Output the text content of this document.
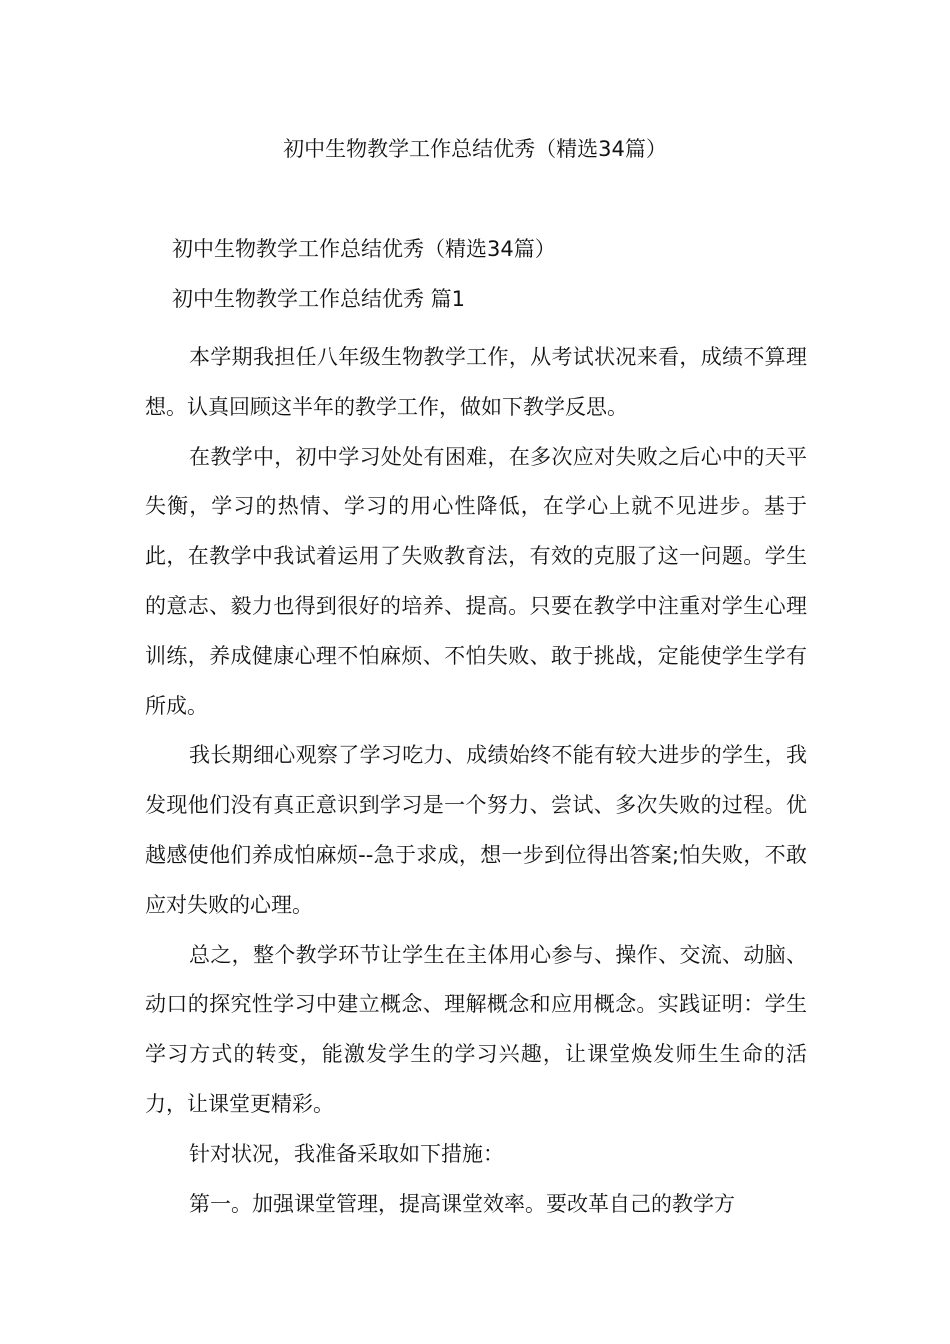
初中生物教学工作总结优秀（精选34篇）
初中生物教学工作总结优秀（精选34篇）
初中生物教学工作总结优秀 篇1

本学期我担任八年级生物教学工作，从考试状况来看，成绩不算理想。认真回顾这半年的教学工作，做如下教学反思。

在教学中，初中学习处处有困难，在多次应对失败之后心中的天平失衡，学习的热情、学习的用心性降低，在学心上就不见进步。基于此，在教学中我试着运用了失败教育法，有效的克服了这一问题。学生的意志、毅力也得到很好的培养、提高。只要在教学中注重对学生心理训练，养成健康心理不怕麻烦、不怕失败、敢于挑战，定能使学生学有所成。

我长期细心观察了学习吃力、成绩始终不能有较大进步的学生，我发现他们没有真正意识到学习是一个努力、尝试、多次失败的过程。优越感使他们养成怕麻烦--急于求成，想一步到位得出答案;怕失败，不敢应对失败的心理。

总之，整个教学环节让学生在主体用心参与、操作、交流、动脑、动口的探究性学习中建立概念、理解概念和应用概念。实践证明：学生学习方式的转变，能激发学生的学习兴趣，让课堂焕发师生生命的活力，让课堂更精彩。

针对状况，我准备采取如下措施：

第一。加强课堂管理，提高课堂效率。要改革自己的教学方
